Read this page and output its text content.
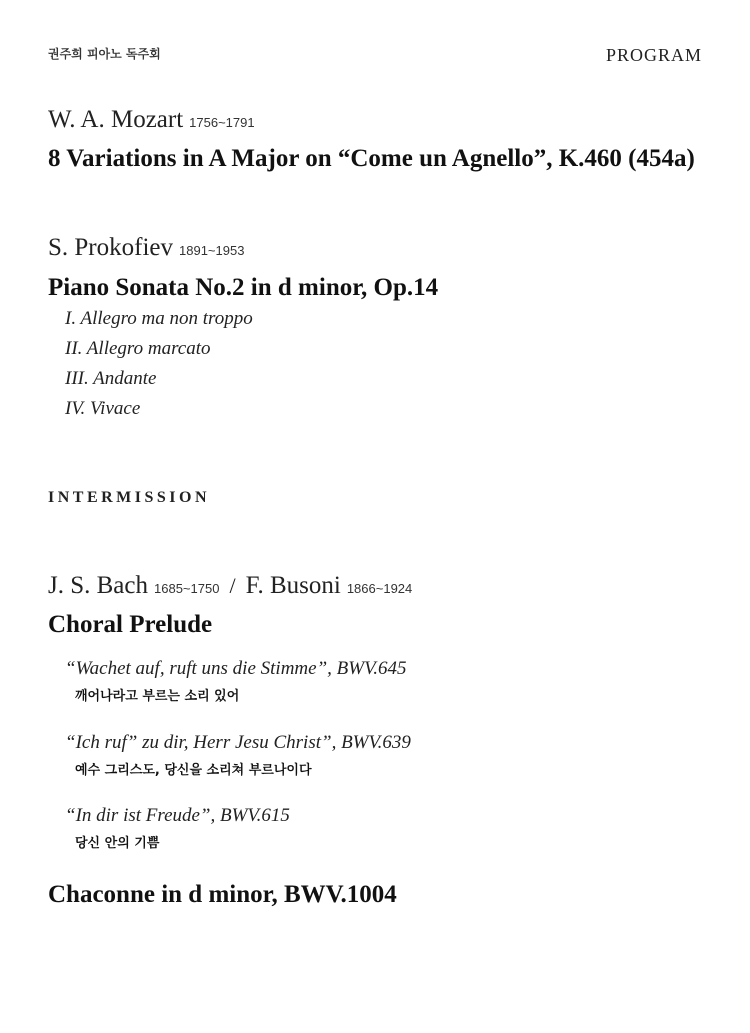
권주희 피아노 독주회	PROGRAM
W. A. Mozart 1756~1791
8 Variations in A Major on “Come un Agnello”, K.460 (454a)
S. Prokofiev 1891~1953
Piano Sonata No.2 in d minor, Op.14
I. Allegro ma non troppo
II. Allegro marcato
III. Andante
IV. Vivace
INTERMISSION
J. S. Bach 1685~1750 / F. Busoni 1866~1924
Choral Prelude
“Wachet auf, ruft uns die Stimme”, BWV.645
깨어나라고 부르는 소리 있어
“Ich ruf” zu dir, Herr Jesu Christ”, BWV.639
예수 그리스도, 당신을 소리쳐 부르나이다
“In dir ist Freude”, BWV.615
당신 안의 기쁨
Chaconne in d minor, BWV.1004
